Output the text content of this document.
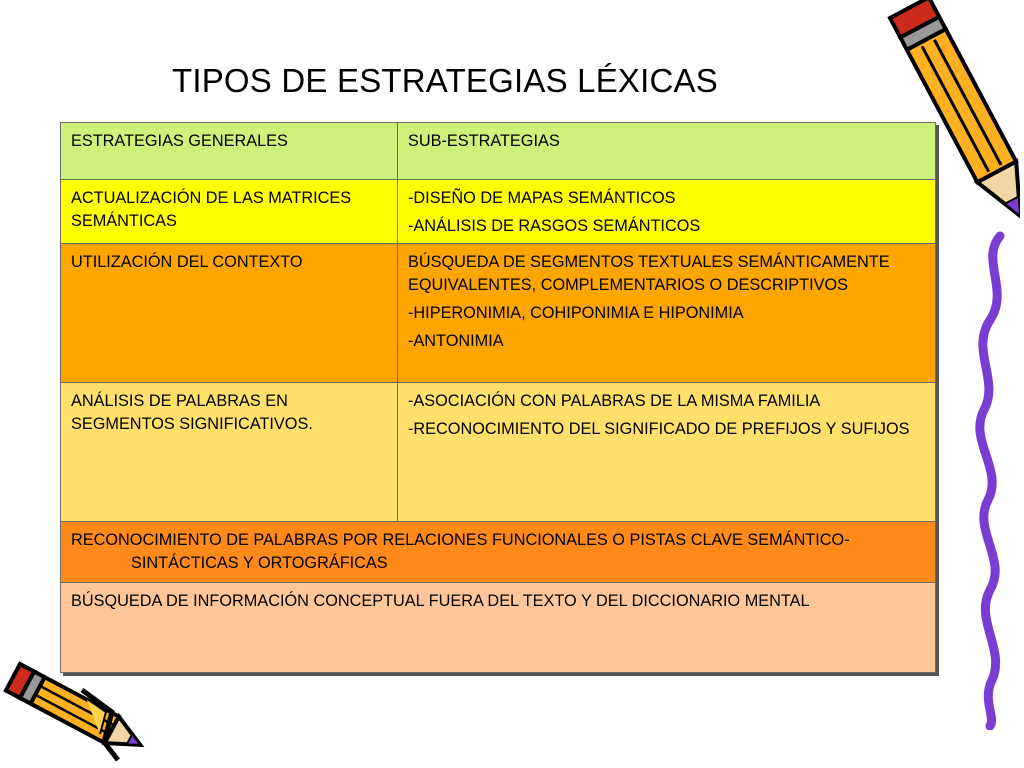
TIPOS DE ESTRATEGIAS LÉXICAS
ESTRATEGIAS GENERALES	SUB-ESTRATEGIAS
ACTUALIZACIÓN DE LAS MATRICES SEMÁNTICAS	-DISEÑO DE MAPAS SEMÁNTICOS
-ANÁLISIS DE RASGOS SEMÁNTICOS

UTILIZACIÓN DEL CONTEXTO	BÚSQUEDA DE SEGMENTOS TEXTUALES SEMÁNTICAMENTE EQUIVALENTES, COMPLEMENTARIOS O DESCRIPTIVOS
-HIPERONIMIA, COHIPONIMIA E HIPONIMIA
-ANTONIMIA

ANÁLISIS DE PALABRAS EN SEGMENTOS SIGNIFICATIVOS.	-ASOCIACIÓN CON PALABRAS DE LA MISMA FAMILIA
-RECONOCIMIENTO DEL SIGNIFICADO DE PREFIJOS Y SUFIJOS

RECONOCIMIENTO DE PALABRAS POR RELACIONES FUNCIONALES O PISTAS CLAVE SEMÁNTICO-SINTÁCTICAS Y ORTOGRÁFICAS	

BÚSQUEDA DE INFORMACIÓN CONCEPTUAL FUERA DEL TEXTO Y DEL DICCIONARIO MENTAL	
